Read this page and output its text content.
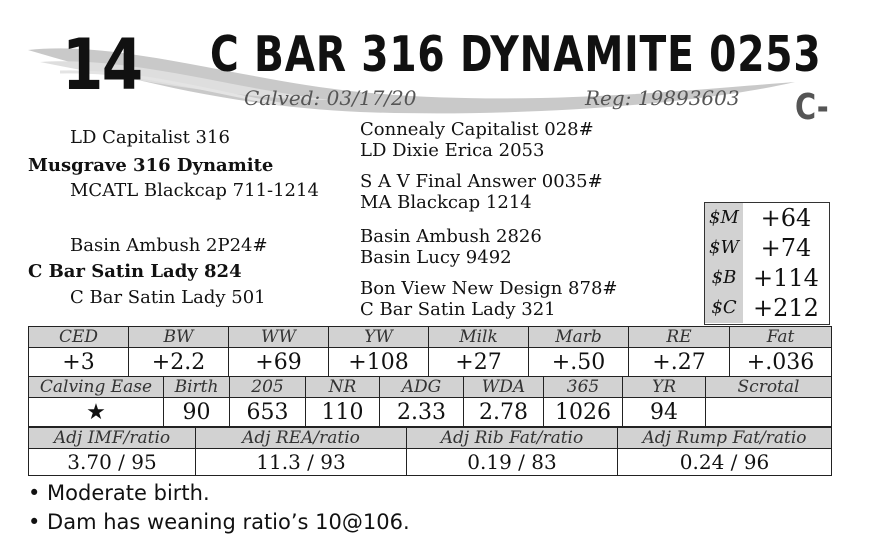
14 C BAR 316 DYNAMITE 0253
Calved: 03/17/20	Reg: 19893603 C-
LD Capitalist 316
Musgrave 316 Dynamite
MCATL Blackcap 711-1214
Basin Ambush 2P24#
C Bar Satin Lady 824
C Bar Satin Lady 501
Connealy Capitalist 028#
LD Dixie Erica 2053
S A V Final Answer 0035#
MA Blackcap 1214
Basin Ambush 2826
Basin Lucy 9492
Bon View New Design 878#
C Bar Satin Lady 321
$M +64
$W +74
$B +114
$C +212
CED	BW	WW	YW	Milk	Marb	RE	Fat
+3	+2.2	+69	+108	+27	+.50	+.27	+.036
Calving Ease	Birth	205	NR	ADG	WDA	365	YR	Scrotal
★	90	653	110	2.33	2.78	1026	94	
Adj IMF/ratio	Adj REA/ratio	Adj Rib Fat/ratio	Adj Rump Fat/ratio
3.70 / 95	11.3 / 93	0.19 / 83	0.24 / 96
• Moderate birth.
• Dam has weaning ratio’s 10@106.
